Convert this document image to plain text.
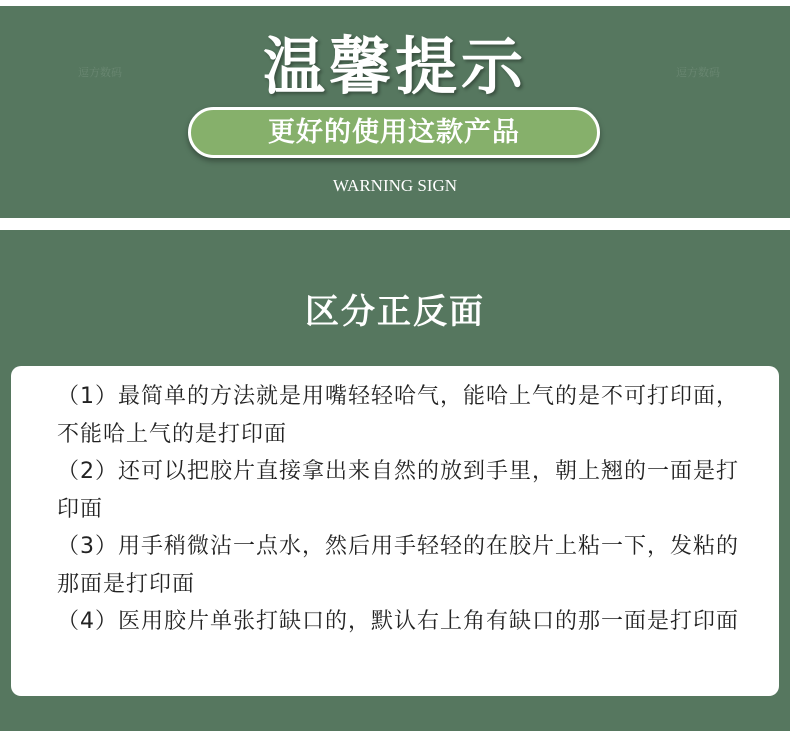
逗方数码	逗方数码
温馨提示
更好的使用这款产品
WARNING SIGN
区分正反面

（1）最简单的方法就是用嘴轻轻哈气，能哈上气的是不可打印面，不能哈上气的是打印面

（2）还可以把胶片直接拿出来自然的放到手里，朝上翘的一面是打印面

（3）用手稍微沾一点水，然后用手轻轻的在胶片上粘一下，发粘的那面是打印面

（4）医用胶片单张打缺口的，默认右上角有缺口的那一面是打印面
